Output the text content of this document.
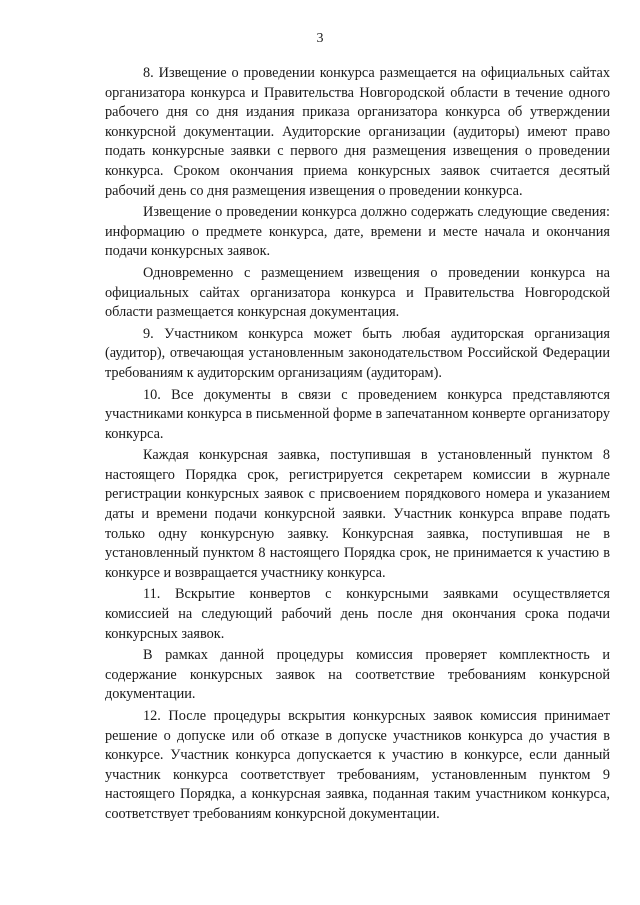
3

8. Извещение о проведении конкурса размещается на официальных сайтах организатора конкурса и Правительства Новгородской области в течение одного рабочего дня со дня издания приказа организатора конкурса об утверждении конкурсной документации. Аудиторские организации (аудиторы) имеют право подать конкурсные заявки с первого дня размещения извещения о проведении конкурса. Сроком окончания приема конкурсных заявок считается десятый рабочий день со дня размещения извещения о проведении конкурса.

Извещение о проведении конкурса должно содержать следующие сведения: информацию о предмете конкурса, дате, времени и месте начала и окончания подачи конкурсных заявок.

Одновременно с размещением извещения о проведении конкурса на официальных сайтах организатора конкурса и Правительства Новгородской области размещается конкурсная документация.

9. Участником конкурса может быть любая аудиторская организация (аудитор), отвечающая установленным законодательством Российской Федерации требованиям к аудиторским организациям (аудиторам).

10. Все документы в связи с проведением конкурса представляются участниками конкурса в письменной форме в запечатанном конверте организатору конкурса.

Каждая конкурсная заявка, поступившая в установленный пунктом 8 настоящего Порядка срок, регистрируется секретарем комиссии в журнале регистрации конкурсных заявок с присвоением порядкового номера и указанием даты и времени подачи конкурсной заявки. Участник конкурса вправе подать только одну конкурсную заявку. Конкурсная заявка, поступившая не в установленный пунктом 8 настоящего Порядка срок, не принимается к участию в конкурсе и возвращается участнику конкурса.

11. Вскрытие конвертов с конкурсными заявками осуществляется комиссией на следующий рабочий день после дня окончания срока подачи конкурсных заявок.

В рамках данной процедуры комиссия проверяет комплектность и содержание конкурсных заявок на соответствие требованиям конкурсной документации.

12. После процедуры вскрытия конкурсных заявок комиссия принимает решение о допуске или об отказе в допуске участников конкурса до участия в конкурсе. Участник конкурса допускается к участию в конкурсе, если данный участник конкурса соответствует требованиям, установленным пунктом 9 настоящего Порядка, а конкурсная заявка, поданная таким участником конкурса, соответствует требованиям конкурсной документации.
